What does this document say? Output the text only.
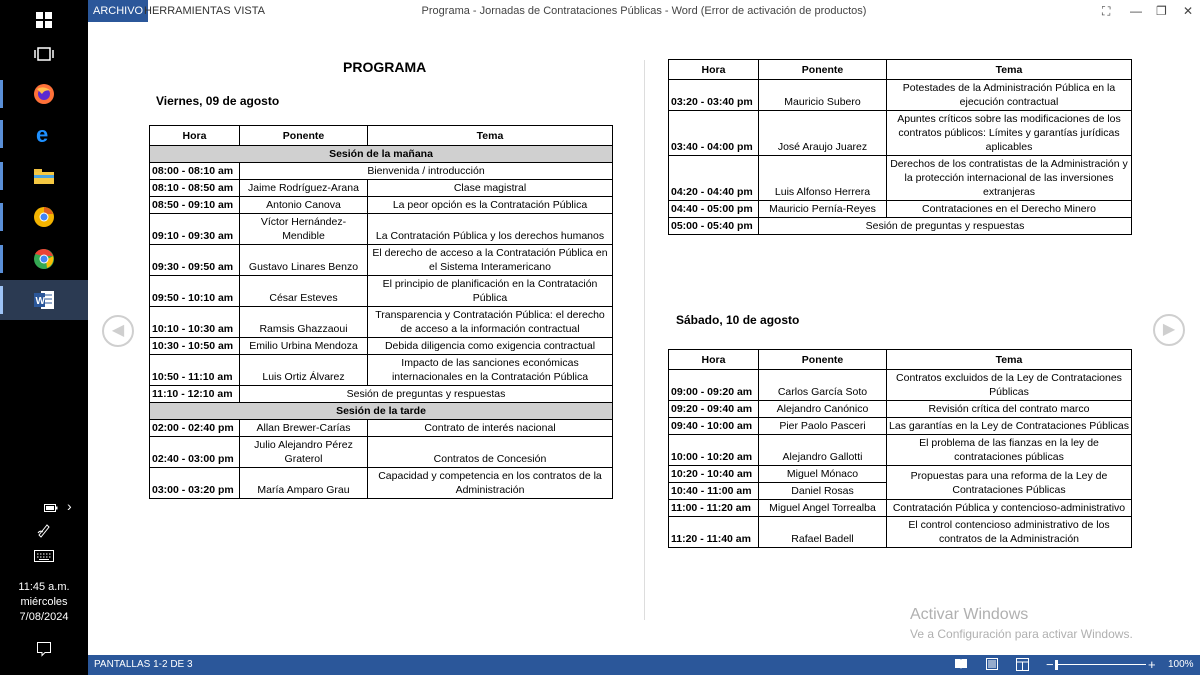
e
W
›
11:45 a.m.
miércoles
7/08/2024
Programa - Jornadas de Contrataciones Públicas - Word (Error de activación de productos)
ARCHIVO HERRAMIENTAS VISTA	⛶ — ❐ ✕
◀	▶
PROGRAMA
Viernes, 09 de agosto
Hora	Ponente	Tema
Sesión de la mañana		
08:00 - 08:10 am	Bienvenida / introducción	
08:10 - 08:50 am	Jaime Rodríguez-Arana	Clase magistral
08:50 - 09:10 am	Antonio Canova	La peor opción es la Contratación Pública
09:10 - 09:30 am	Víctor Hernández-Mendible	La Contratación Pública y los derechos humanos
09:30 - 09:50 am	Gustavo Linares Benzo	El derecho de acceso a la Contratación Pública en el Sistema Interamericano
09:50 - 10:10 am	César Esteves	El principio de planificación en la Contratación Pública
10:10 - 10:30 am	Ramsis Ghazzaoui	Transparencia y Contratación Pública: el derecho de acceso a la información contractual
10:30 - 10:50 am	Emilio Urbina Mendoza	Debida diligencia como exigencia contractual
10:50 - 11:10 am	Luis Ortiz Álvarez	Impacto de las sanciones económicas internacionales en la Contratación Pública
11:10 - 12:10 am	Sesión de preguntas y respuestas	
Sesión de la tarde		
02:00 - 02:40 pm	Allan Brewer-Carías	Contrato de interés nacional
02:40 - 03:00 pm	Julio Alejandro Pérez Graterol	Contratos de Concesión
03:00 - 03:20 pm	María Amparo Grau	Capacidad y competencia en los contratos de la Administración
Hora	Ponente	Tema
03:20 - 03:40 pm	Mauricio Subero	Potestades de la Administración Pública en la ejecución contractual
03:40 - 04:00 pm	José Araujo Juarez	Apuntes críticos sobre las modificaciones de los contratos públicos: Límites y garantías jurídicas aplicables
04:20 - 04:40 pm	Luis Alfonso Herrera	Derechos de los contratistas de la Administración y la protección internacional de las inversiones extranjeras
04:40 - 05:00 pm	Mauricio Pernía-Reyes	Contrataciones en el Derecho Minero
05:00 - 05:40 pm	Sesión de preguntas y respuestas	
Sábado, 10 de agosto
Hora	Ponente	Tema
09:00 - 09:20 am	Carlos García Soto	Contratos excluidos de la Ley de Contrataciones Públicas
09:20 - 09:40 am	Alejandro Canónico	Revisión crítica del contrato marco
09:40 - 10:00 am	Pier Paolo Pasceri	Las garantías en la Ley de Contrataciones Públicas
10:00 - 10:20 am	Alejandro Gallotti	El problema de las fianzas en la ley de contrataciones públicas
10:20 - 10:40 am	Miguel Mónaco	Propuestas para una reforma de la Ley de Contrataciones Públicas
10:40 - 11:00 am	Daniel Rosas	
11:00 - 11:20 am	Miguel Angel Torrealba	Contratación Pública y contencioso-administrativo
11:20 - 11:40 am	Rafael Badell	El control contencioso administrativo de los contratos de la Administración
Activar Windows
Ve a Configuración para activar Windows.
PANTALLAS 1-2 DE 3	−	+ 100%
